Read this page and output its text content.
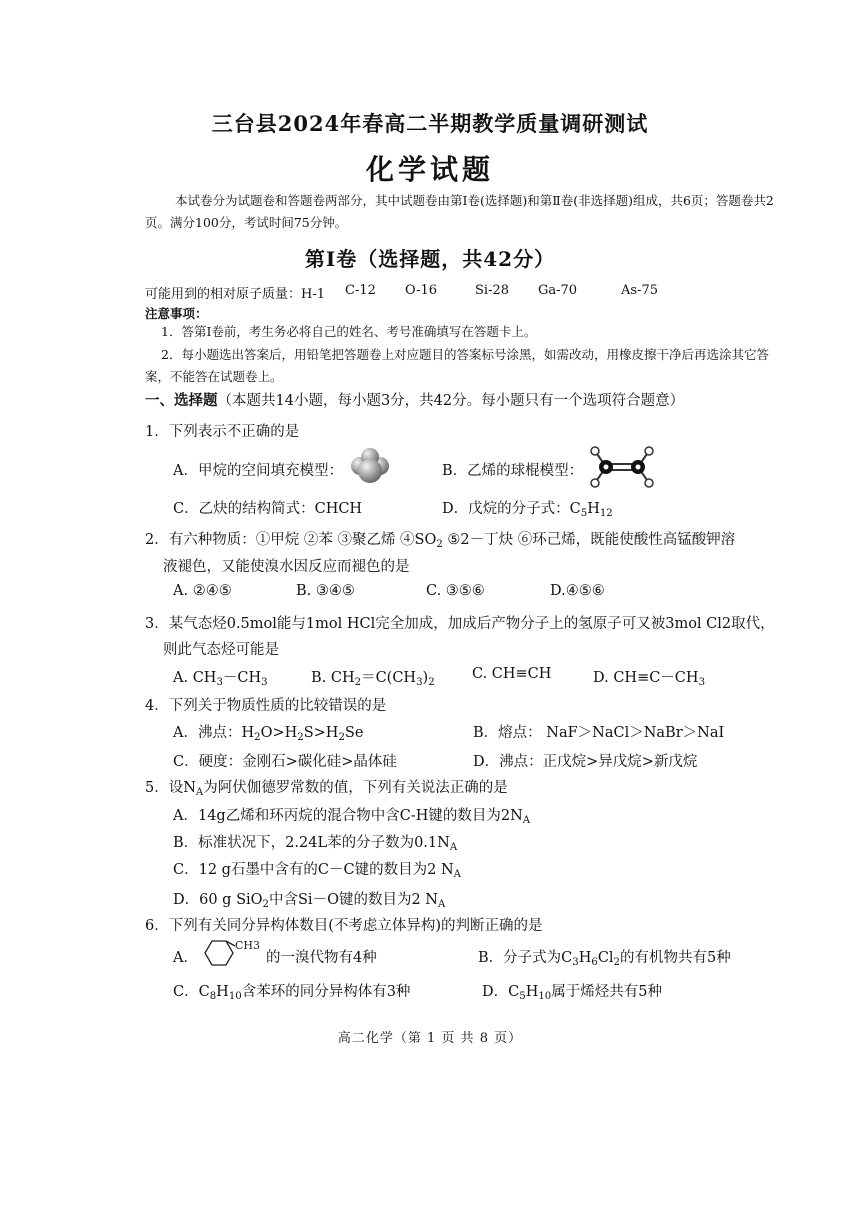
三台县2024年春高二半期教学质量调研测试
化学试题
本试卷分为试题卷和答题卷两部分，其中试题卷由第Ⅰ卷(选择题)和第Ⅱ卷(非选择题)组成，共6页；答题卷共2页。满分100分，考试时间75分钟。
第Ⅰ卷（选择题，共42分）
可能用到的相对原子质量：H-1 C-12 O-16	Si-28 Ga-70	As-75
注意事项：
1．答第Ⅰ卷前，考生务必将自己的姓名、考号准确填写在答题卡上。
2．每小题选出答案后，用铅笔把答题卷上对应题目的答案标号涂黑，如需改动，用橡皮擦干净后再选涂其它答案，不能答在试题卷上。
一、选择题（本题共14小题，每小题3分，共42分。每小题只有一个选项符合题意）
1．下列表示不正确的是
A．甲烷的空间填充模型：	B．乙烯的球棍模型：
C．乙炔的结构简式：CHCH	D．戊烷的分子式：$C_5H_{12}$
2．有六种物质：①甲烷 ②苯 ③聚乙烯 $④SO_2$ ⑤2－丁炔 ⑥环己烯，既能使酸性高锰酸钾溶
液褪色，又能使溴水因反应而褪色的是
A. ②④⑤	B. ③④⑤	C. ③⑤⑥	D.④⑤⑥
3．某气态烃0.5mol能与1mol HCl完全加成，加成后产物分子上的氢原子可又被3mol Cl2取代，
则此气态烃可能是
A. $CH_3-CH_3$	B. $CH_2=C(CH_3)_2$
C. CH≡CH	D. $CH\equiv C-CH_3$
4．下列关于物质性质的比较错误的是
A．沸点：$H_2O>H_2S>H_2Se$	B．熔点： NaF＞NaCl＞NaBr＞NaI
C．硬度：金刚石>碳化硅>晶体硅	D．沸点：正戊烷>异戊烷>新戊烷
5．设$N_A$为阿伏伽德罗常数的值，下列有关说法正确的是
A．14g乙烯和环丙烷的混合物中含C-H键的数目为$2N_A$
B．标准状况下，2.24L苯的分子数为$0.1N_A$
C．12 g石墨中含有的C－C键的数目为2 $N_A$
D．60 g SiO$_2$中含Si－O键的数目为2 $N_A$
6．下列有关同分异构体数目(不考虑立体异构)的判断正确的是
A．
CH3
的一溴代物有4种	B．分子式为$C_3H_6Cl_2$的有机物共有5种
C．$C_8H_{10}$含苯环的同分异构体有3种	D．$C_5H_{10}$属于烯烃共有5种
高二化学（第 1 页 共 8 页）
